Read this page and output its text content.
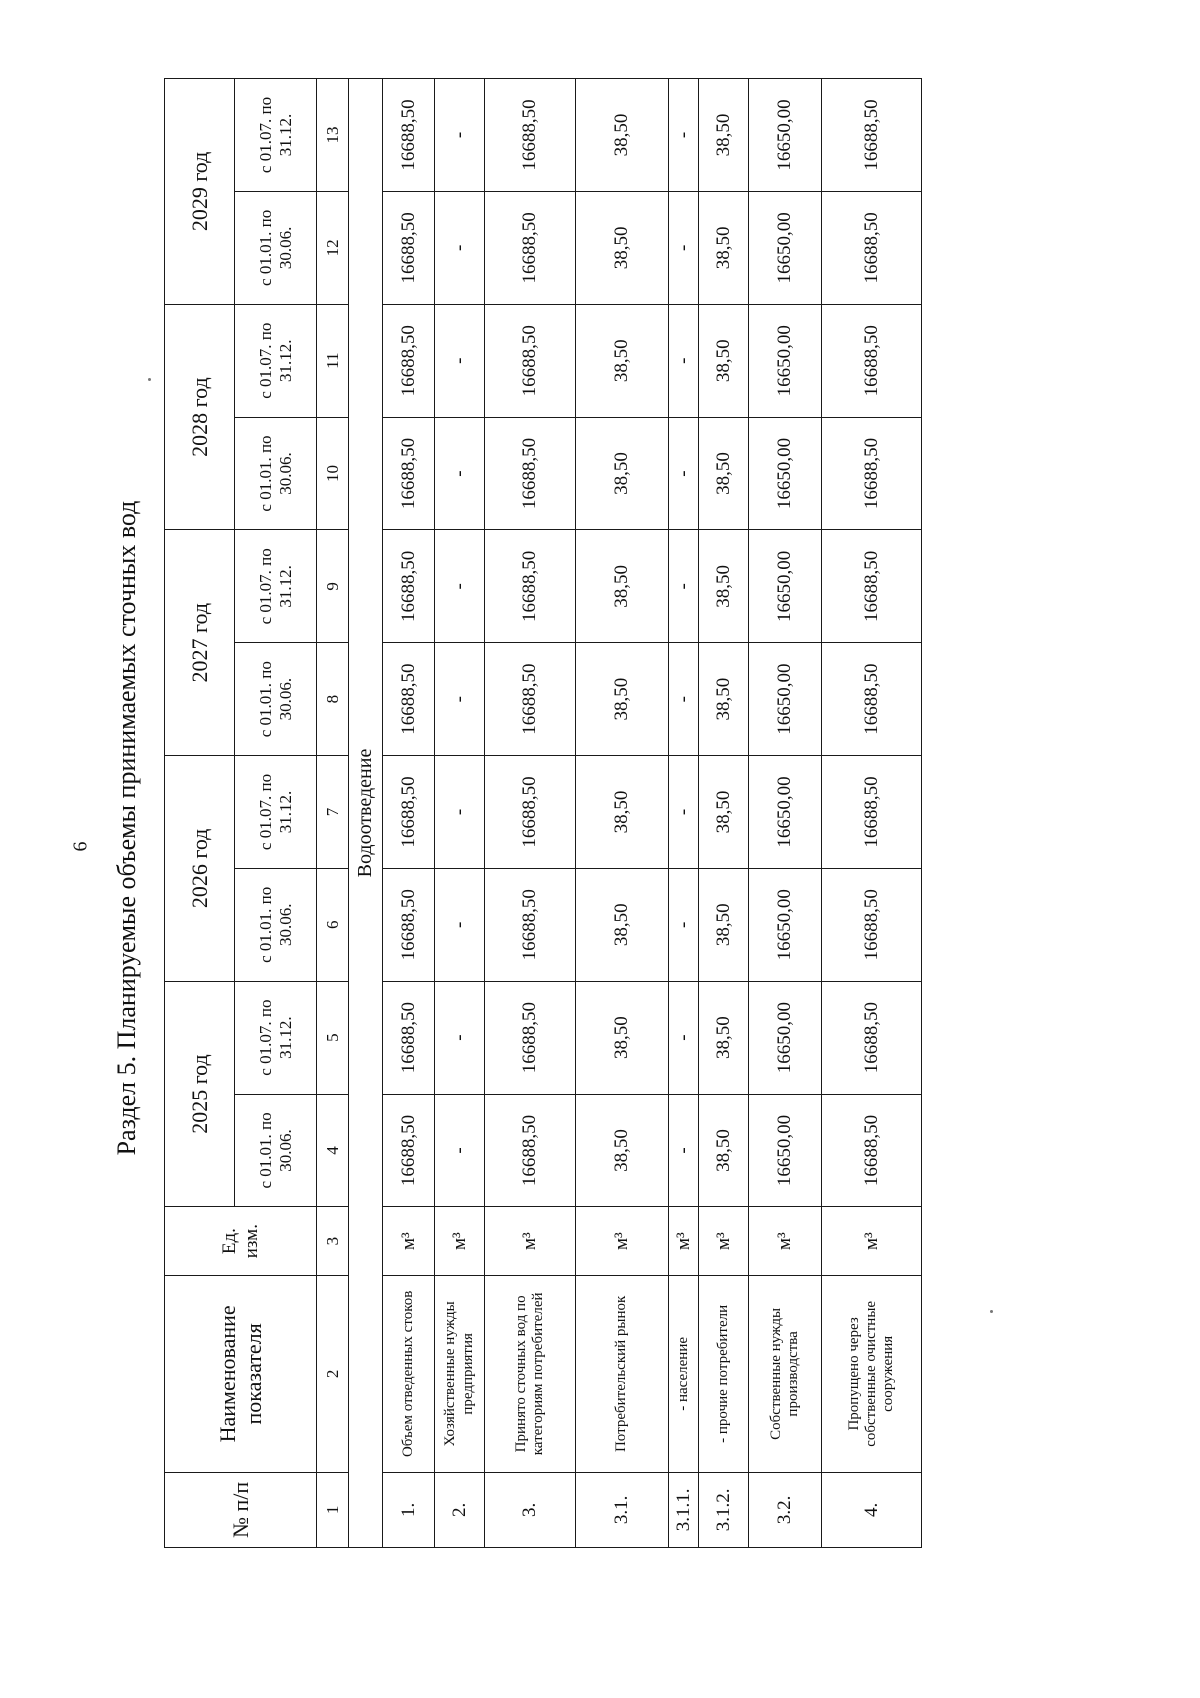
6 Раздел 5. Планируемые объемы принимаемых сточных вод
№ п/п	Наименование показателя	Ед. изм.	2025 год		2026 год		2027 год		2028 год		2029 год	
			с 01.01. по 30.06.	с 01.07. по 31.12.	с 01.01. по 30.06.	с 01.07. по 31.12.	с 01.01. по 30.06.	с 01.07. по 31.12.	с 01.01. по 30.06.	с 01.07. по 31.12.	с 01.01. по 30.06.	с 01.07. по 31.12.
1	2	3	4	5	6	7	8	9	10	11	12	13
Водоотведение												
1.	Объем отведенных стоков	м³	16688,50	16688,50	16688,50	16688,50	16688,50	16688,50	16688,50	16688,50	16688,50	16688,50
2.	Хозяйственные нужды предприятия	м³	-	-	-	-	-	-	-	-	-	-
3.	Принято сточных вод по категориям потребителей	м³	16688,50	16688,50	16688,50	16688,50	16688,50	16688,50	16688,50	16688,50	16688,50	16688,50
3.1.	Потребительский рынок	м³	38,50	38,50	38,50	38,50	38,50	38,50	38,50	38,50	38,50	38,50
3.1.1.	- население	м³	-	-	-	-	-	-	-	-	-	-
3.1.2.	- прочие потребители	м³	38,50	38,50	38,50	38,50	38,50	38,50	38,50	38,50	38,50	38,50
3.2.	Собственные нужды производства	м³	16650,00	16650,00	16650,00	16650,00	16650,00	16650,00	16650,00	16650,00	16650,00	16650,00
4.	Пропущено через собственные очистные сооружения	м³	16688,50	16688,50	16688,50	16688,50	16688,50	16688,50	16688,50	16688,50	16688,50	16688,50
